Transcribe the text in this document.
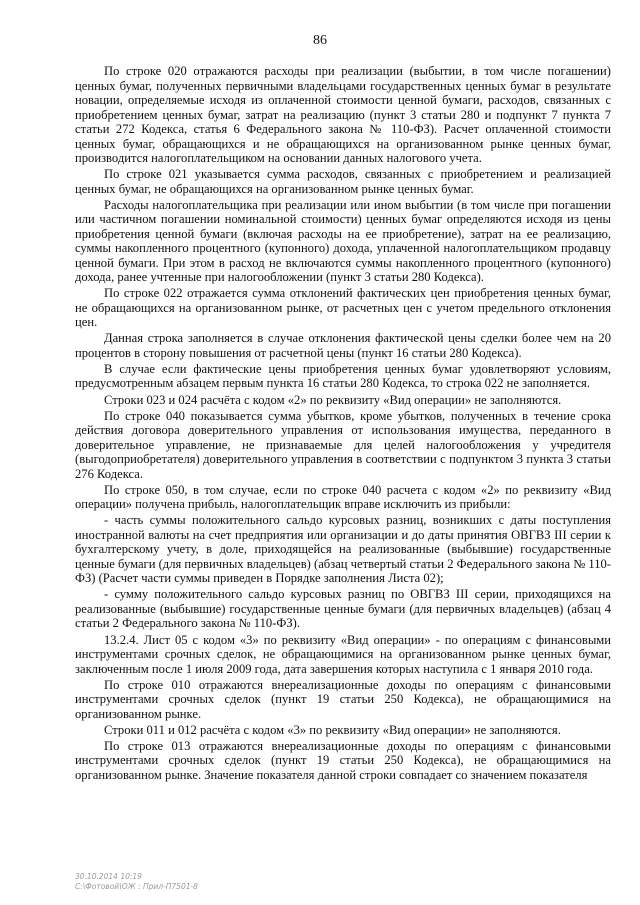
86

По строке 020 отражаются расходы при реализации (выбытии, в том числе погашении) ценных бумаг, полученных первичными владельцами государственных ценных бумаг в результате новации, определяемые исходя из оплаченной стоимости ценной бумаги, расходов, связанных с приобретением ценных бумаг, затрат на реализацию (пункт 3 статьи 280 и подпункт 7 пункта 7 статьи 272 Кодекса, статья 6 Федерального закона № 110-ФЗ). Расчет оплаченной стоимости ценных бумаг, обращающихся и не обращающихся на организованном рынке ценных бумаг, производится налогоплательщиком на основании данных налогового учета.

По строке 021 указывается сумма расходов, связанных с приобретением и реализацией ценных бумаг, не обращающихся на организованном рынке ценных бумаг.

Расходы налогоплательщика при реализации или ином выбытии (в том числе при погашении или частичном погашении номинальной стоимости) ценных бумаг определяются исходя из цены приобретения ценной бумаги (включая расходы на ее приобретение), затрат на ее реализацию, суммы накопленного процентного (купонного) дохода, уплаченной налогоплательщиком продавцу ценной бумаги. При этом в расход не включаются суммы накопленного процентного (купонного) дохода, ранее учтенные при налогообложении (пункт 3 статьи 280 Кодекса).

По строке 022 отражается сумма отклонений фактических цен приобретения ценных бумаг, не обращающихся на организованном рынке, от расчетных цен с учетом предельного отклонения цен.

Данная строка заполняется в случае отклонения фактической цены сделки более чем на 20 процентов в сторону повышения от расчетной цены (пункт 16 статьи 280 Кодекса).

В случае если фактические цены приобретения ценных бумаг удовлетворяют условиям, предусмотренным абзацем первым пункта 16 статьи 280 Кодекса, то строка 022 не заполняется.

Строки 023 и 024 расчёта с кодом «2» по реквизиту «Вид операции» не заполняются.

По строке 040 показывается сумма убытков, кроме убытков, полученных в течение срока действия договора доверительного управления от использования имущества, переданного в доверительное управление, не признаваемые для целей налогообложения у учредителя (выгодоприобретателя) доверительного управления в соответствии с подпунктом 3 пункта 3 статьи 276 Кодекса.

По строке 050, в том случае, если по строке 040 расчета с кодом «2» по реквизиту «Вид операции» получена прибыль, налогоплательщик вправе исключить из прибыли:

- часть суммы положительного сальдо курсовых разниц, возникших с даты поступления иностранной валюты на счет предприятия или организации и до даты принятия ОВГВЗ III серии к бухгалтерскому учету, в доле, приходящейся на реализованные (выбывшие) государственные ценные бумаги (для первичных владельцев) (абзац четвертый статьи 2 Федерального закона № 110-ФЗ) (Расчет части суммы приведен в Порядке заполнения Листа 02);

- сумму положительного сальдо курсовых разниц по ОВГВЗ III серии, приходящихся на реализованные (выбывшие) государственные ценные бумаги (для первичных владельцев) (абзац 4 статьи 2 Федерального закона № 110-ФЗ).

13.2.4. Лист 05 с кодом «3» по реквизиту «Вид операции» - по операциям с финансовыми инструментами срочных сделок, не обращающимися на организованном рынке ценных бумаг, заключенным после 1 июля 2009 года, дата завершения которых наступила с 1 января 2010 года.

По строке 010 отражаются внереализационные доходы по операциям с финансовыми инструментами срочных сделок (пункт 19 статьи 250 Кодекса), не обращающимися на организованном рынке.

Строки 011 и 012 расчёта с кодом «3» по реквизиту «Вид операции» не заполняются.

По строке 013 отражаются внереализационные доходы по операциям с финансовыми инструментами срочных сделок (пункт 19 статьи 250 Кодекса), не обращающимися на организованном рынке. Значение показателя данной строки совпадает со значением показателя

30.10.2014 10:19
С:\Фотовой\ОЖ : Прил-П7501-8
